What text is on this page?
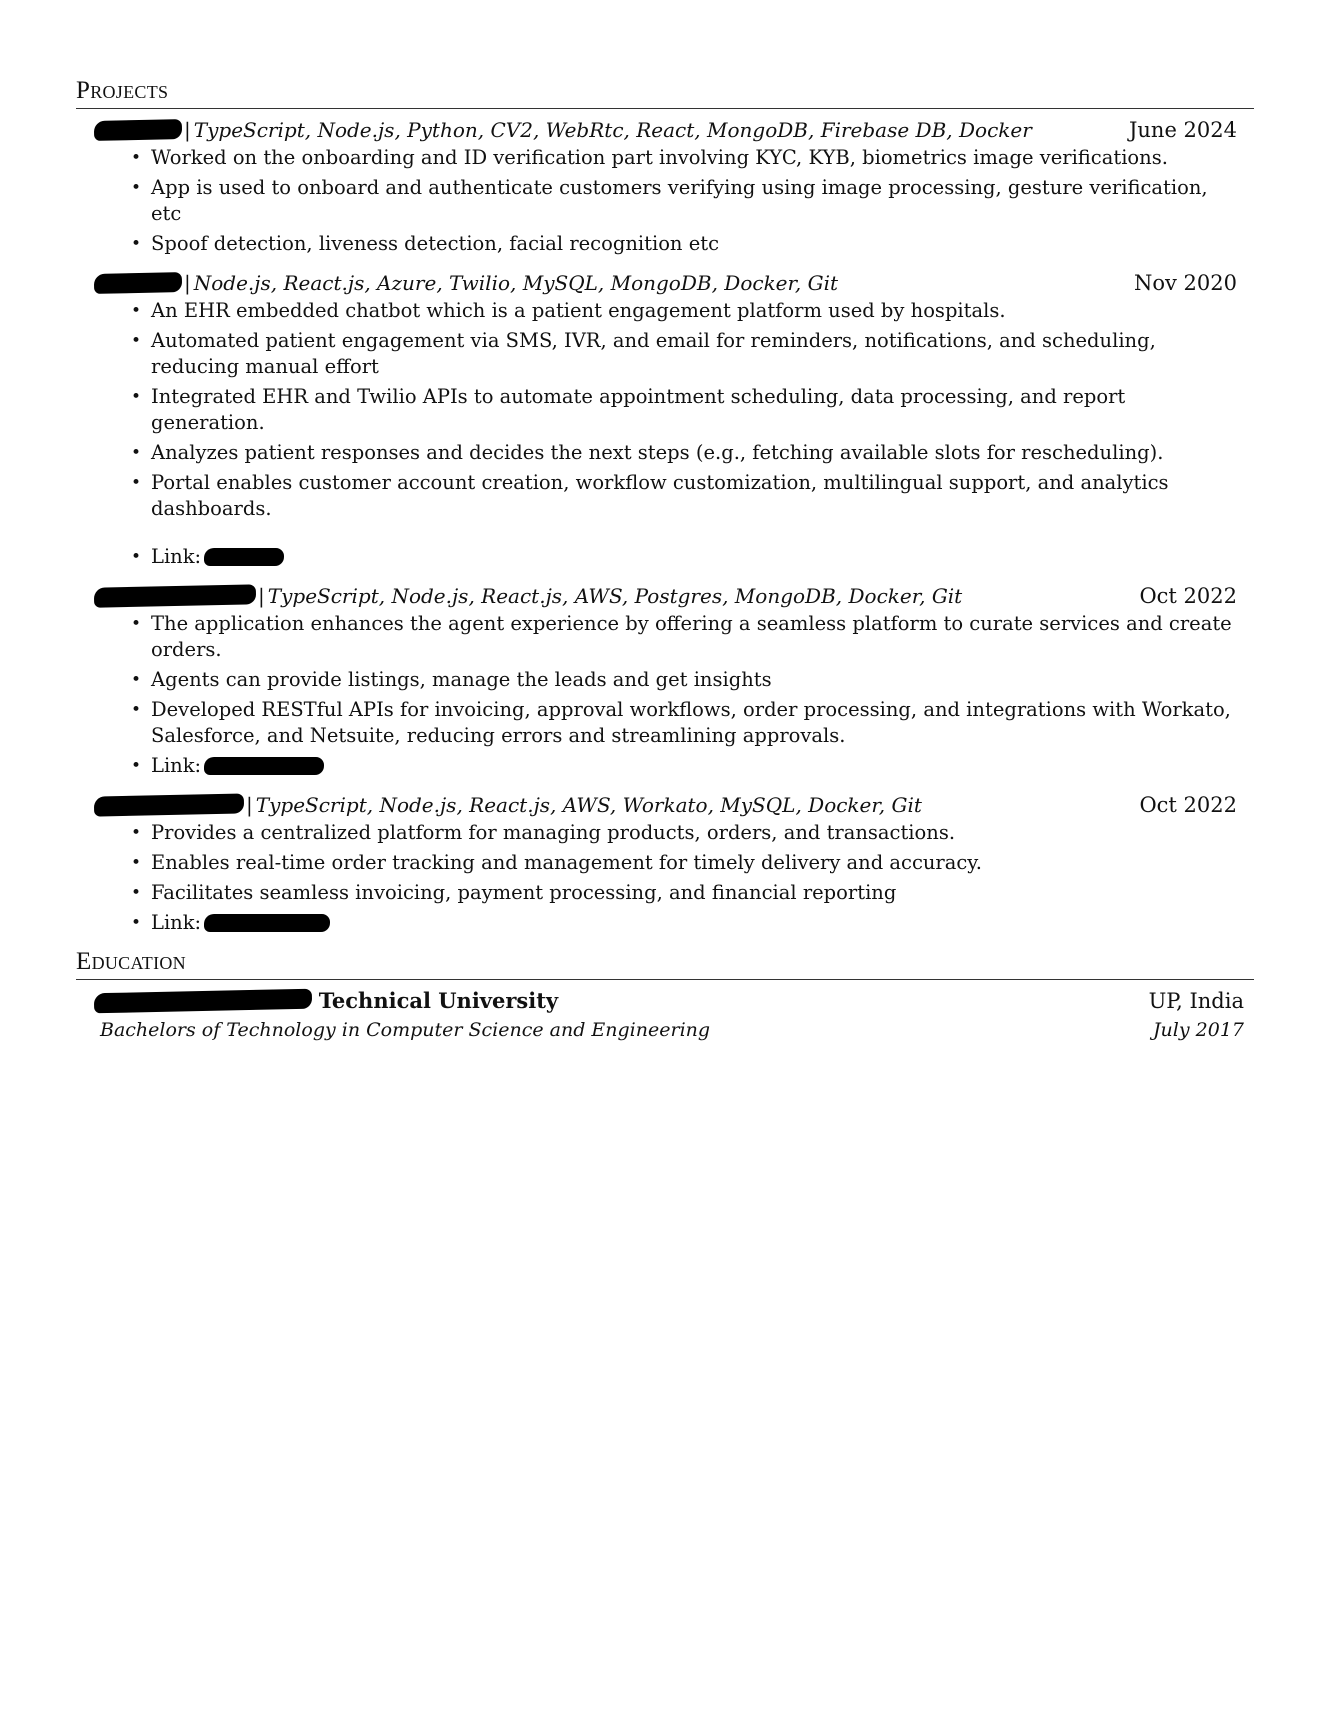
Projects
| TypeScript, Node.js, Python, CV2, WebRtc, React, MongoDB, Firebase DB, Docker	June 2024
• Worked on the onboarding and ID verification part involving KYC, KYB, biometrics image verifications.
• App is used to onboard and authenticate customers verifying using image processing, gesture verification, etc
• Spoof detection, liveness detection, facial recognition etc
| Node.js, React.js, Azure, Twilio, MySQL, MongoDB, Docker, Git	Nov 2020
• An EHR embedded chatbot which is a patient engagement platform used by hospitals.
• Automated patient engagement via SMS, IVR, and email for reminders, notifications, and scheduling, reducing manual effort
• Integrated EHR and Twilio APIs to automate appointment scheduling, data processing, and report generation.
• Analyzes patient responses and decides the next steps (e.g., fetching available slots for rescheduling).
• Portal enables customer account creation, workflow customization, multilingual support, and analytics dashboards.
• Link:
| TypeScript, Node.js, React.js, AWS, Postgres, MongoDB, Docker, Git	Oct 2022
• The application enhances the agent experience by offering a seamless platform to curate services and create orders.
• Agents can provide listings, manage the leads and get insights
• Developed RESTful APIs for invoicing, approval workflows, order processing, and integrations with Workato, Salesforce, and Netsuite, reducing errors and streamlining approvals.
• Link:
| TypeScript, Node.js, React.js, AWS, Workato, MySQL, Docker, Git	Oct 2022
• Provides a centralized platform for managing products, orders, and transactions.
• Enables real-time order tracking and management for timely delivery and accuracy.
• Facilitates seamless invoicing, payment processing, and financial reporting
• Link:
Education
Technical University	UP, India
Bachelors of Technology in Computer Science and Engineering	July 2017
